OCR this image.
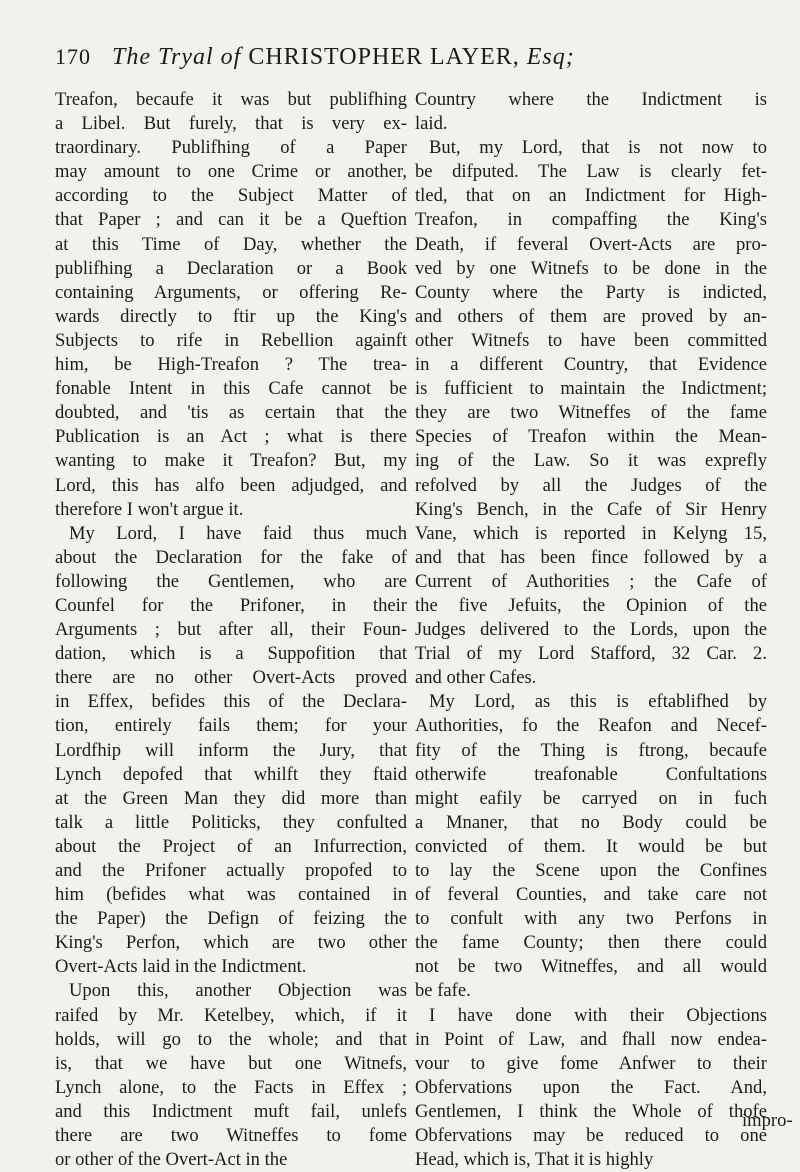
170 The Tryal of CHRISTOPHER LAYER, Esq;
Treafon, becaufe it was but publifhing
a Libel. But furely, that is very ex-
traordinary. Publifhing of a Paper
may amount to one Crime or another,
according to the Subject Matter of
that Paper ; and can it be a Queftion
at this Time of Day, whether the
publifhing a Declaration or a Book
containing Arguments, or offering Re-
wards directly to ftir up the King's
Subjects to rife in Rebellion againft
him, be High-Treafon ? The trea-
fonable Intent in this Cafe cannot be
doubted, and 'tis as certain that the
Publication is an Act ; what is there
wanting to make it Treafon? But, my
Lord, this has alfo been adjudged, and
therefore I won't argue it.
My Lord, I have faid thus much
about the Declaration for the fake of
following the Gentlemen, who are
Counfel for the Prifoner, in their
Arguments ; but after all, their Foun-
dation, which is a Suppofition that
there are no other Overt-Acts proved
in Effex, befides this of the Declara-
tion, entirely fails them; for your
Lordfhip will inform the Jury, that
Lynch depofed that whilft they ftaid
at the Green Man they did more than
talk a little Politicks, they confulted
about the Project of an Infurrection,
and the Prifoner actually propofed to
him (befides what was contained in
the Paper) the Defign of feizing the
King's Perfon, which are two other
Overt-Acts laid in the Indictment.
Upon this, another Objection was
raifed by Mr. Ketelbey, which, if it
holds, will go to the whole; and that
is, that we have but one Witnefs,
Lynch alone, to the Facts in Effex ;
and this Indictment muft fail, unlefs
there are two Witneffes to fome
or other of the Overt-Act in the
Country where the Indictment is
laid.
But, my Lord, that is not now to
be difputed. The Law is clearly fet-
tled, that on an Indictment for High-
Treafon, in compaffing the King's
Death, if feveral Overt-Acts are pro-
ved by one Witnefs to be done in the
County where the Party is indicted,
and others of them are proved by an-
other Witnefs to have been committed
in a different Country, that Evidence
is fufficient to maintain the Indictment;
they are two Witneffes of the fame
Species of Treafon within the Mean-
ing of the Law. So it was exprefly
refolved by all the Judges of the
King's Bench, in the Cafe of Sir Henry
Vane, which is reported in Kelyng 15,
and that has been fince followed by a
Current of Authorities ; the Cafe of
the five Jefuits, the Opinion of the
Judges delivered to the Lords, upon the
Trial of my Lord Stafford, 32 Car. 2.
and other Cafes.
My Lord, as this is eftablifhed by
Authorities, fo the Reafon and Necef-
fity of the Thing is ftrong, becaufe
otherwife treafonable Confultations
might eafily be carryed on in fuch
a Mnaner, that no Body could be
convicted of them. It would be but
to lay the Scene upon the Confines
of feveral Counties, and take care not
to confult with any two Perfons in
the fame County; then there could
not be two Witneffes, and all would
be fafe.
I have done with their Objections
in Point of Law, and fhall now endea-
vour to give fome Anfwer to their
Obfervations upon the Fact. And,
Gentlemen, I think the Whole of thofe
Obfervations may be reduced to one
Head, which is, That it is highly
impro-
